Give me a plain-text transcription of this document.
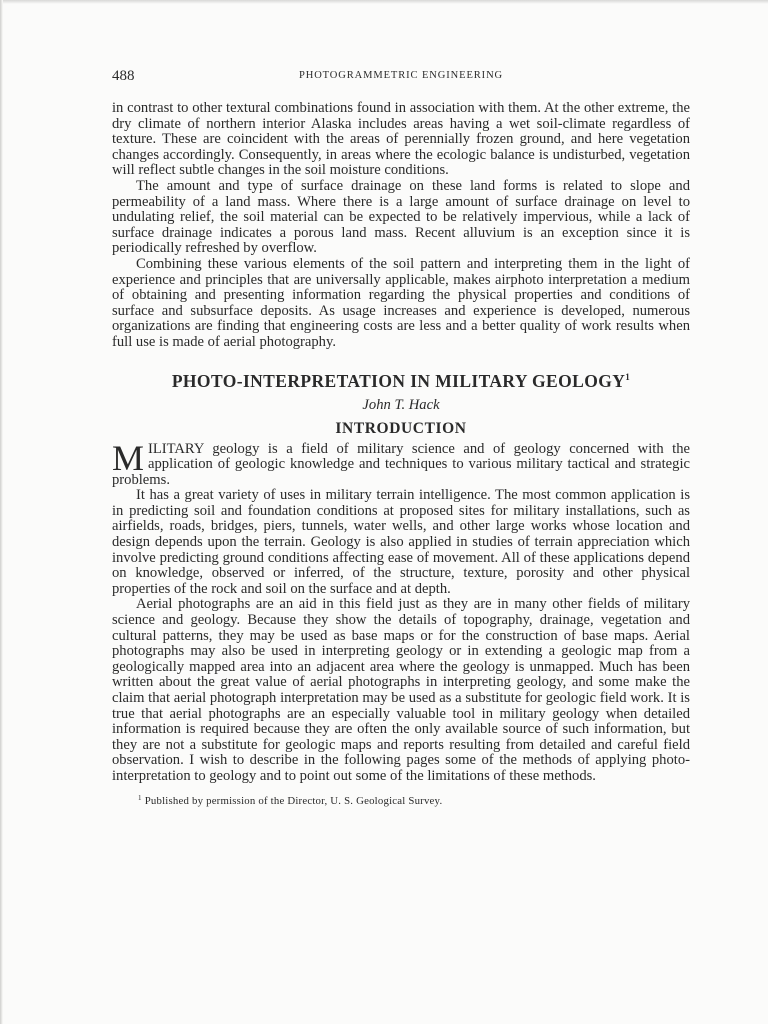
488	PHOTOGRAMMETRIC ENGINEERING

in contrast to other textural combinations found in association with them. At the other extreme, the dry climate of northern interior Alaska includes areas having a wet soil-climate regardless of texture. These are coincident with the areas of perennially frozen ground, and here vegetation changes accordingly. Consequently, in areas where the ecologic balance is undisturbed, vegetation will reflect subtle changes in the soil moisture conditions.

The amount and type of surface drainage on these land forms is related to slope and permeability of a land mass. Where there is a large amount of surface drainage on level to undulating relief, the soil material can be expected to be relatively impervious, while a lack of surface drainage indicates a porous land mass. Recent alluvium is an exception since it is periodically refreshed by overflow.

Combining these various elements of the soil pattern and interpreting them in the light of experience and principles that are universally applicable, makes airphoto interpretation a medium of obtaining and presenting information regarding the physical properties and conditions of surface and subsurface deposits. As usage increases and experience is developed, numerous organizations are finding that engineering costs are less and a better quality of work results when full use is made of aerial photography.

PHOTO-INTERPRETATION IN MILITARY GEOLOGY$^1$
John T. Hack
INTRODUCTION

MILITARY geology is a field of military science and of geology concerned with the application of geologic knowledge and techniques to various military tactical and strategic problems.

It has a great variety of uses in military terrain intelligence. The most common application is in predicting soil and foundation conditions at proposed sites for military installations, such as airfields, roads, bridges, piers, tunnels, water wells, and other large works whose location and design depends upon the terrain. Geology is also applied in studies of terrain appreciation which involve predicting ground conditions affecting ease of movement. All of these applications depend on knowledge, observed or inferred, of the structure, texture, porosity and other physical properties of the rock and soil on the surface and at depth.

Aerial photographs are an aid in this field just as they are in many other fields of military science and geology. Because they show the details of topography, drainage, vegetation and cultural patterns, they may be used as base maps or for the construction of base maps. Aerial photographs may also be used in interpreting geology or in extending a geologic map from a geologically mapped area into an adjacent area where the geology is unmapped. Much has been written about the great value of aerial photographs in interpreting geology, and some make the claim that aerial photograph interpretation may be used as a substitute for geologic field work. It is true that aerial photographs are an especially valuable tool in military geology when detailed information is required because they are often the only available source of such information, but they are not a substitute for geologic maps and reports resulting from detailed and careful field observation. I wish to describe in the following pages some of the methods of applying photo-interpretation to geology and to point out some of the limitations of these methods.

$^1$ Published by permission of the Director, U. S. Geological Survey.
